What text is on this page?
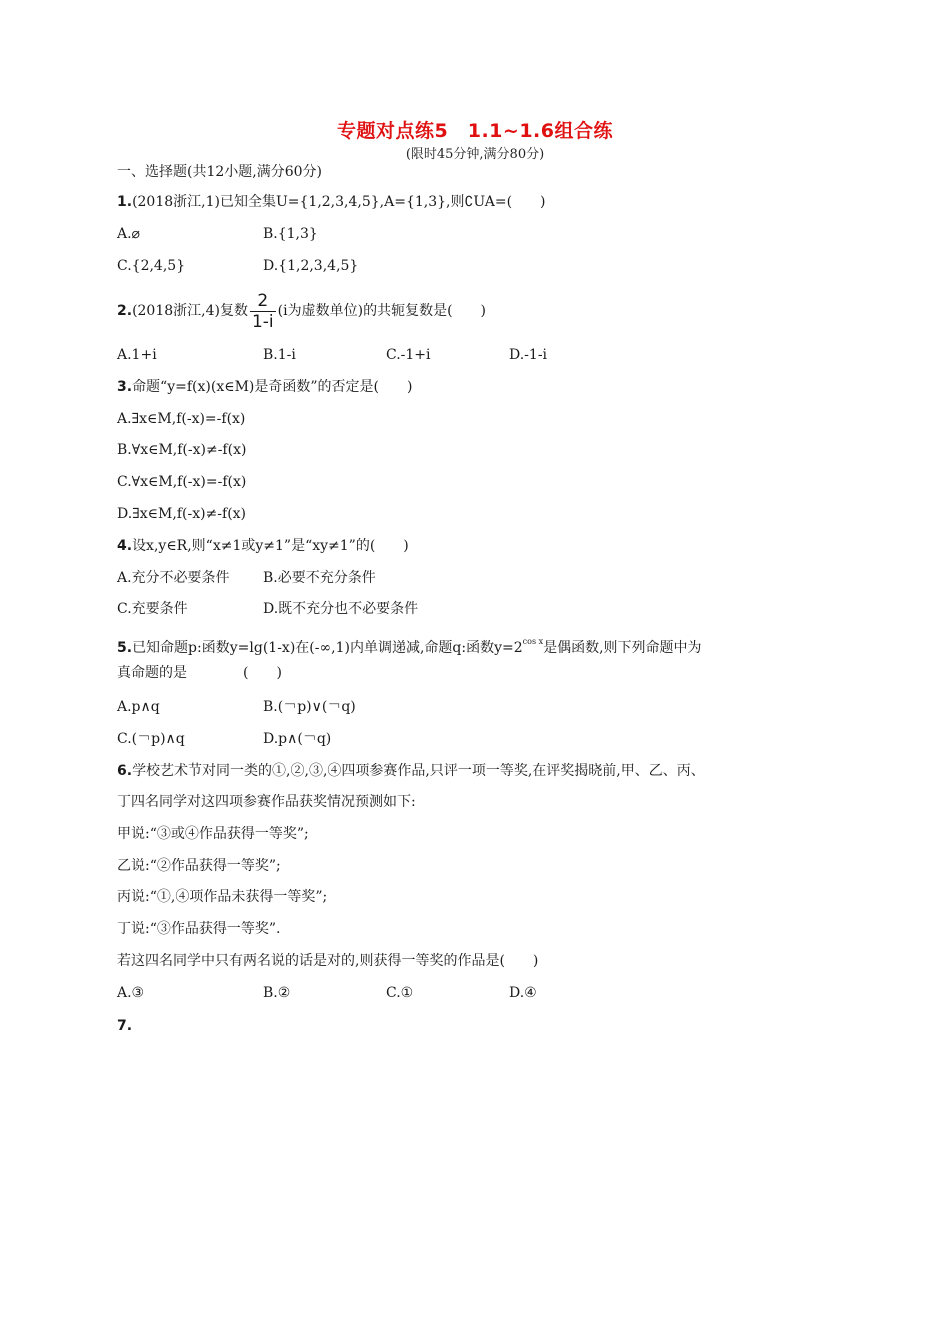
专题对点练5　1.1~1.6组合练
(限时45分钟,满分80分)
一、选择题(共12小题,满分60分)
1.(2018浙江,1)已知全集U={1,2,3,4,5},A={1,3},则∁UA=(　　)
A.⌀	B.{1,3}
C.{2,4,5}	D.{1,2,3,4,5}
2.(2018浙江,4)复数 $\frac{2}{1-i} (i$为虚数单位)的共轭复数是(　　)
A.1+i	B.1-i	C.-1+i	D.-1-i
3.命题“y=f(x)(x∈M)是奇函数”的否定是(　　)
A.∃x∈M,f(-x)=-f(x)
B.∀x∈M,f(-x)≠-f(x)
C.∀x∈M,f(-x)=-f(x)
D.∃x∈M,f(-x)≠-f(x)
4.设x,y∈R,则“x≠1或y≠1”是“xy≠1”的(　　)
A.充分不必要条件 B.必要不充分条件
C.充要条件	D.既不充分也不必要条件
5.已知命题p:函数y=lg(1-x)在(-∞,1)内单调递减,命题q:函数$y=2^{cos x}$是偶函数,则下列命题中为
真命题的是　　　　(　　)
A.p∧q	B.(￢p)∨(￢q)
C.(￢p)∧q	D.p∧(￢q)
6.学校艺术节对同一类的①,②,③,④四项参赛作品,只评一项一等奖,在评奖揭晓前,甲、乙、丙、
丁四名同学对这四项参赛作品获奖情况预测如下:
甲说:“③或④作品获得一等奖”;
乙说:“②作品获得一等奖”;
丙说:“①,④项作品未获得一等奖”;
丁说:“③作品获得一等奖”.
若这四名同学中只有两名说的话是对的,则获得一等奖的作品是(　　)
A.③	B.②	C.①	D.④
7.
